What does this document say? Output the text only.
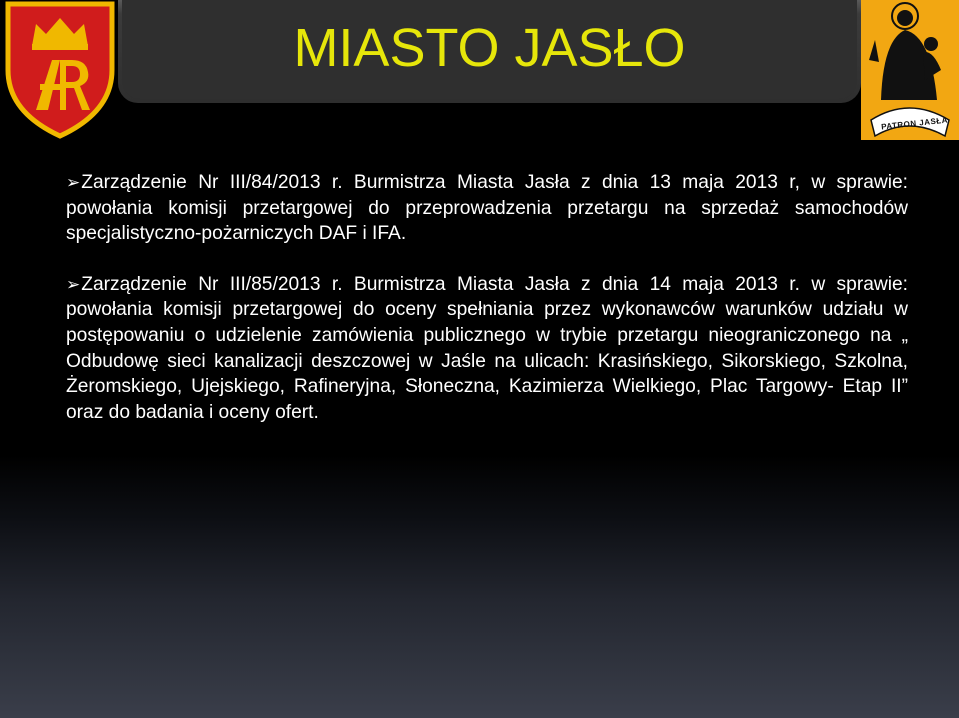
MIASTO JASŁO
PATRON JASŁA

➢Zarządzenie Nr III/84/2013 r. Burmistrza Miasta Jasła z dnia 13 maja 2013 r, w sprawie: powołania komisji przetargowej do przeprowadzenia przetargu na sprzedaż samochodów specjalistyczno-pożarniczych DAF i IFA.

➢Zarządzenie Nr III/85/2013 r. Burmistrza Miasta Jasła z dnia 14 maja 2013 r. w sprawie: powołania komisji przetargowej do oceny spełniania przez wykonawców warunków udziału w postępowaniu o udzielenie zamówienia publicznego w trybie przetargu nieograniczonego na „ Odbudowę sieci kanalizacji deszczowej w Jaśle na ulicach: Krasińskiego, Sikorskiego, Szkolna, Żeromskiego, Ujejskiego, Rafineryjna, Słoneczna, Kazimierza Wielkiego, Plac Targowy- Etap II” oraz do badania i oceny ofert.
